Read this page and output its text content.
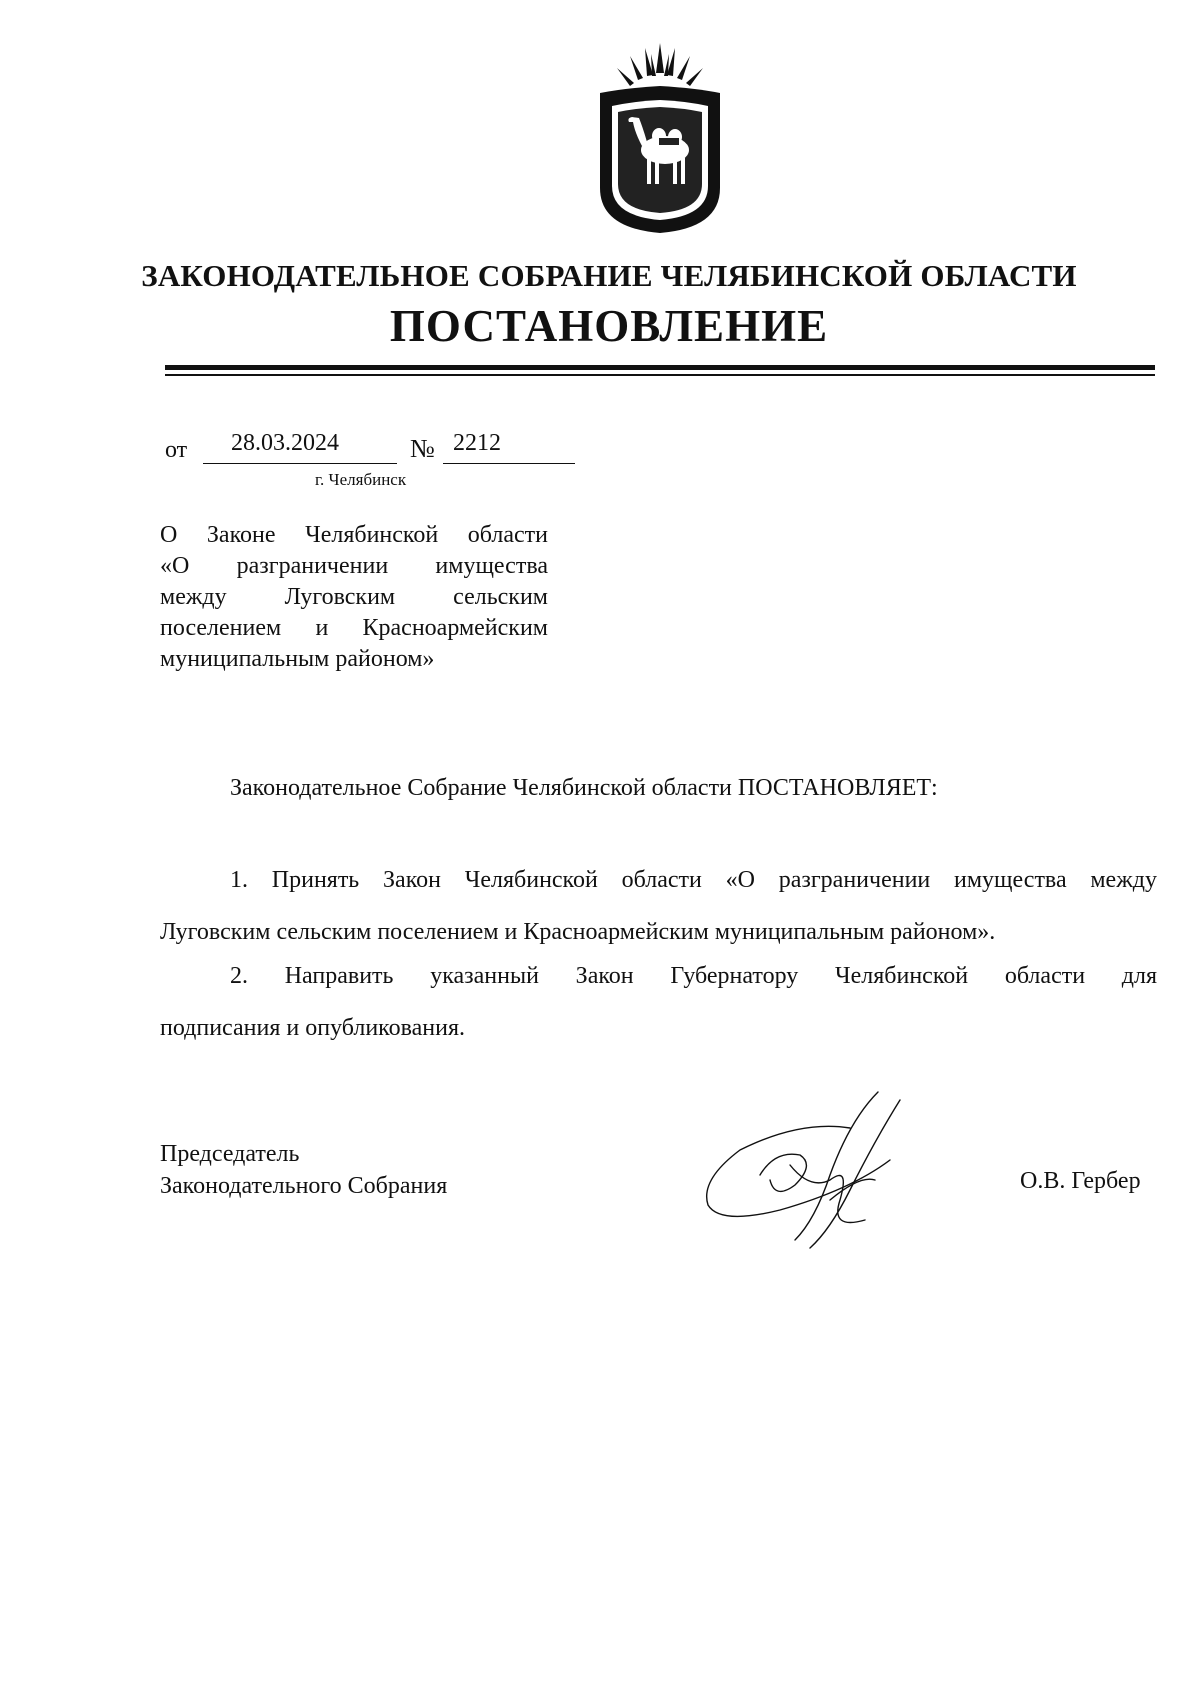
ЗАКОНОДАТЕЛЬНОЕ СОБРАНИЕ ЧЕЛЯБИНСКОЙ ОБЛАСТИ
ПОСТАНОВЛЕНИЕ
от	28.03.2024	№ 2212
г. Челябинск
О Законе Челябинской области
«О разграничении имущества
между Луговским сельским
поселением и Красноармейским
муниципальным районом»
Законодательное Собрание Челябинской области ПОСТАНОВЛЯЕТ:
1. Принять Закон Челябинской области «О разграничении имущества между
Луговским сельским поселением и Красноармейским муниципальным районом».
2. Направить указанный Закон Губернатору Челябинской области для
подписания и опубликования.
Председатель
Законодательного Собрания	О.В. Гербер
